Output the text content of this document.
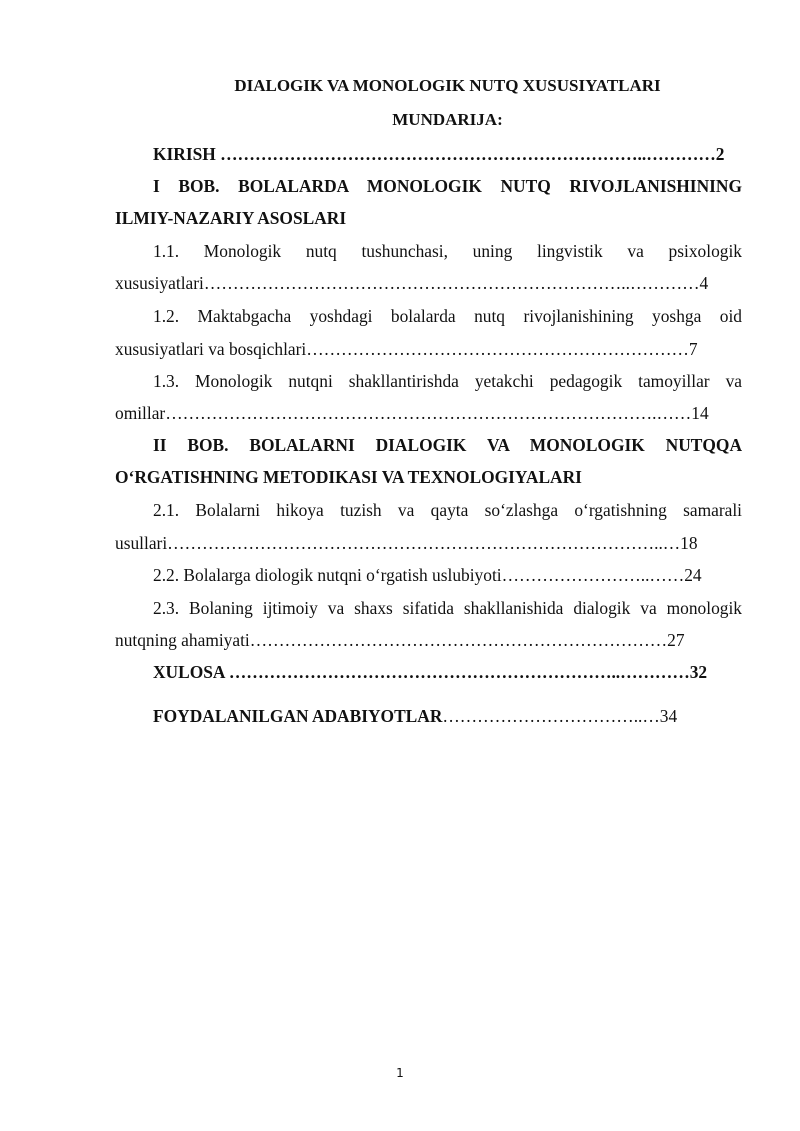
DIALOGIK VA MONOLOGIK NUTQ XUSUSIYATLARI
MUNDARIJA:
KIRISH ………………………………………………………………..…………2
I BOB. BOLALARDA MONOLOGIK NUTQ RIVOJLANISHINING
ILMIY-NAZARIY ASOSLARI
1.1. Monologik nutq tushunchasi, uning lingvistik va psixologik
xususiyatlari………………………………………………………………..…………4
1.2. Maktabgacha yoshdagi bolalarda nutq rivojlanishining yoshga oid
xususiyatlari va bosqichlari…………………………………………………………7
1.3. Monologik nutqni shakllantirishda yetakchi pedagogik tamoyillar va
omillar………………………………………………………………………….……14
II BOB. BOLALARNI DIALOGIK VA MONOLOGIK NUTQQA
O‘RGATISHNING METODIKASI VA TEXNOLOGIYALARI
2.1. Bolalarni hikoya tuzish va qayta so‘zlashga o‘rgatishning samarali
usullari…………………………………………………………………………..…18
2.2. Bolalarga diologik nutqni o‘rgatish uslubiyoti……………………..……24
2.3. Bolaning ijtimoiy va shaxs sifatida shakllanishida dialogik va monologik
nutqning ahamiyati………………………………………………………………27
XULOSA …………………………………………………………..…………32
FOYDALANILGAN ADABIYOTLAR……………………………..…34
1
